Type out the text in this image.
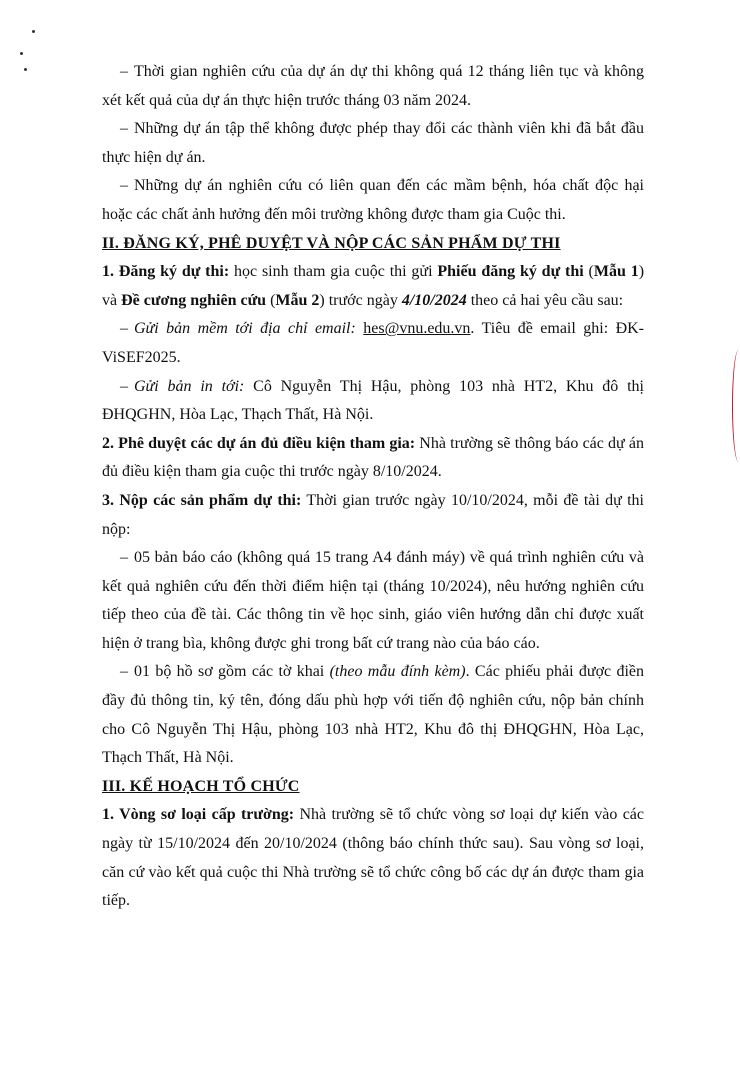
– Thời gian nghiên cứu của dự án dự thi không quá 12 tháng liên tục và không xét kết quả của dự án thực hiện trước tháng 03 năm 2024.

– Những dự án tập thể không được phép thay đổi các thành viên khi đã bắt đầu thực hiện dự án.

– Những dự án nghiên cứu có liên quan đến các mầm bệnh, hóa chất độc hại hoặc các chất ảnh hưởng đến môi trường không được tham gia Cuộc thi.

II. ĐĂNG KÝ, PHÊ DUYỆT VÀ NỘP CÁC SẢN PHẨM DỰ THI

1. Đăng ký dự thi: học sinh tham gia cuộc thi gửi Phiếu đăng ký dự thi (Mẫu 1) và Đề cương nghiên cứu (Mẫu 2) trước ngày 4/10/2024 theo cả hai yêu cầu sau:

– Gửi bản mềm tới địa chỉ email: hes@vnu.edu.vn. Tiêu đề email ghi: ĐK-ViSEF2025.

– Gửi bản in tới: Cô Nguyễn Thị Hậu, phòng 103 nhà HT2, Khu đô thị ĐHQGHN, Hòa Lạc, Thạch Thất, Hà Nội.

2. Phê duyệt các dự án đủ điều kiện tham gia: Nhà trường sẽ thông báo các dự án đủ điều kiện tham gia cuộc thi trước ngày 8/10/2024.

3. Nộp các sản phẩm dự thi: Thời gian trước ngày 10/10/2024, mỗi đề tài dự thi nộp:

– 05 bản báo cáo (không quá 15 trang A4 đánh máy) về quá trình nghiên cứu và kết quả nghiên cứu đến thời điểm hiện tại (tháng 10/2024), nêu hướng nghiên cứu tiếp theo của đề tài. Các thông tin về học sinh, giáo viên hướng dẫn chỉ được xuất hiện ở trang bìa, không được ghi trong bất cứ trang nào của báo cáo.

– 01 bộ hồ sơ gồm các tờ khai (theo mẫu đính kèm). Các phiếu phải được điền đầy đủ thông tin, ký tên, đóng dấu phù hợp với tiến độ nghiên cứu, nộp bản chính cho Cô Nguyễn Thị Hậu, phòng 103 nhà HT2, Khu đô thị ĐHQGHN, Hòa Lạc, Thạch Thất, Hà Nội.

III. KẾ HOẠCH TỔ CHỨC

1. Vòng sơ loại cấp trường: Nhà trường sẽ tổ chức vòng sơ loại dự kiến vào các ngày từ 15/10/2024 đến 20/10/2024 (thông báo chính thức sau). Sau vòng sơ loại, căn cứ vào kết quả cuộc thi Nhà trường sẽ tổ chức công bố các dự án được tham gia tiếp.
